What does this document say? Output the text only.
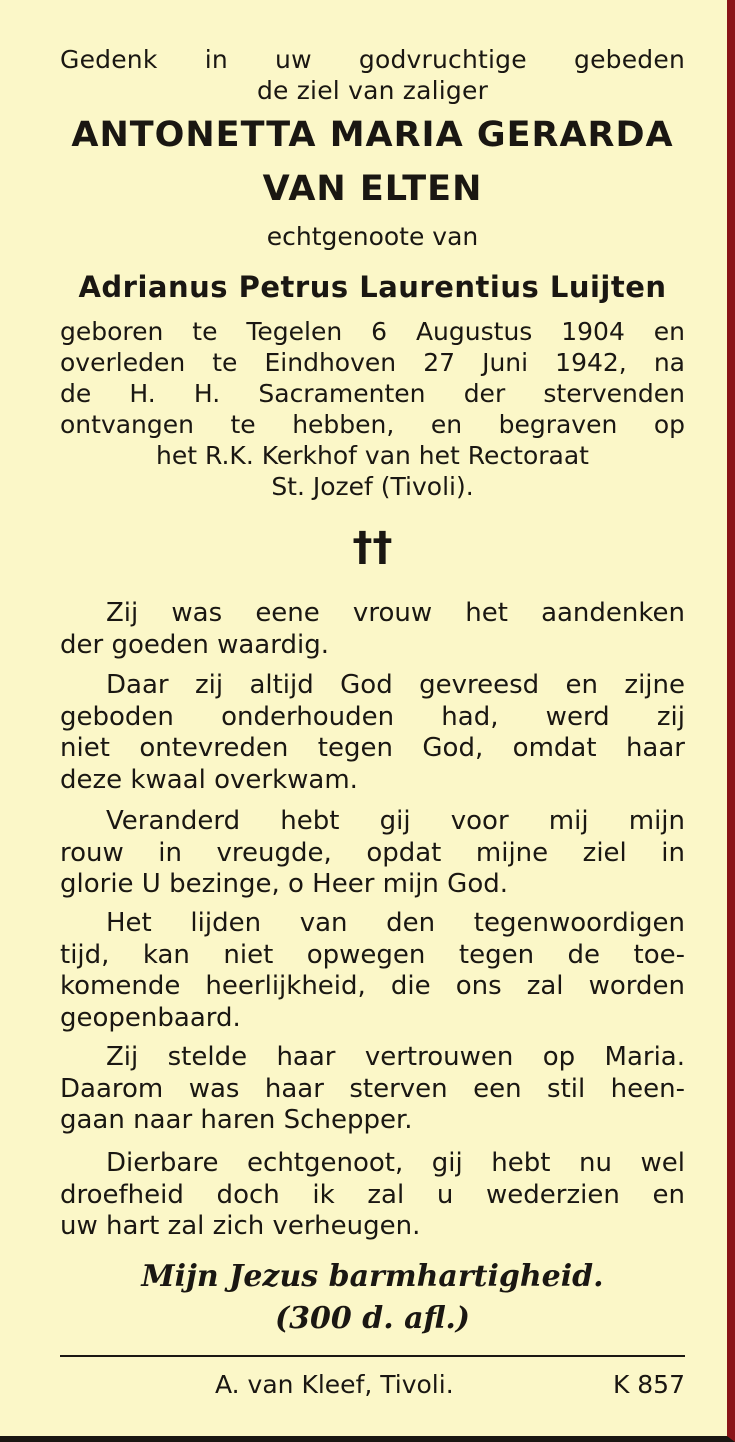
Gedenk in uw godvruchtige gebeden
de ziel van zaliger
ANTONETTA MARIA GERARDA
VAN ELTEN
echtgenoote van
Adrianus Petrus Laurentius Luijten
geboren te Tegelen 6 Augustus 1904 en
overleden te Eindhoven 27 Juni 1942, na
de H. H. Sacramenten der stervenden
ontvangen te hebben, en begraven op
het R.K. Kerkhof van het Rectoraat
St. Jozef (Tivoli).
††
Zij was eene vrouw het aandenken
der goeden waardig.
Daar zij altijd God gevreesd en zijne
geboden onderhouden had, werd zij
niet ontevreden tegen God, omdat haar
deze kwaal overkwam.
Veranderd hebt gij voor mij mijn
rouw in vreugde, opdat mijne ziel in
glorie U bezinge, o Heer mijn God.
Het lijden van den tegenwoordigen
tijd, kan niet opwegen tegen de toe-
komende heerlijkheid, die ons zal worden
geopenbaard.
Zij stelde haar vertrouwen op Maria.
Daarom was haar sterven een stil heen-
gaan naar haren Schepper.
Dierbare echtgenoot, gij hebt nu wel
droefheid doch ik zal u wederzien en
uw hart zal zich verheugen.
Mijn Jezus barmhartigheid.
(300 d. afl.)
A. van Kleef, Tivoli.	K 857
